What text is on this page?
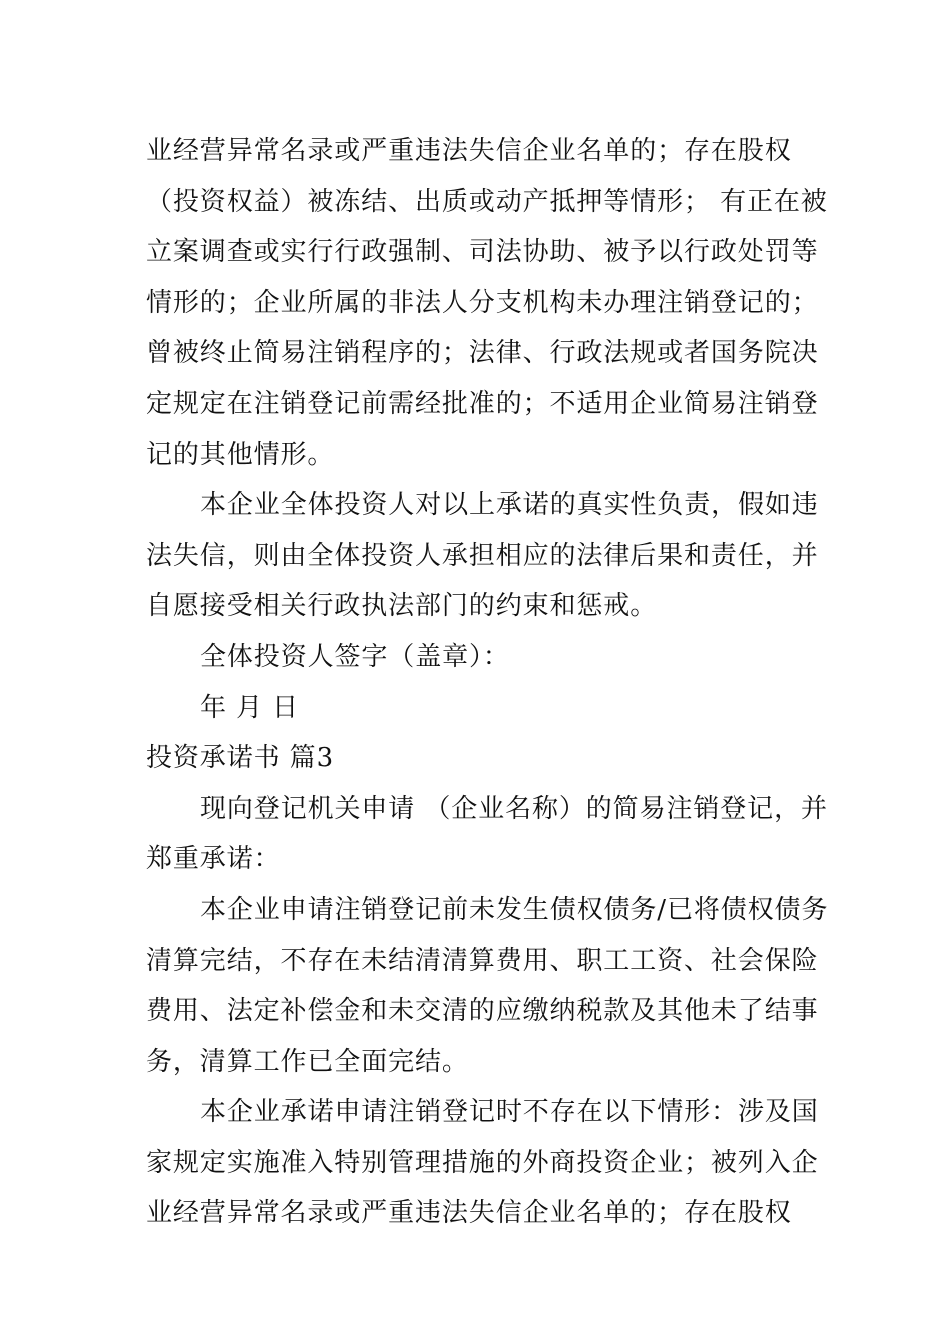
业经营异常名录或严重违法失信企业名单的；存在股权
（投资权益）被冻结、出质或动产抵押等情形； 有正在被
立案调查或实行行政强制、司法协助、被予以行政处罚等
情形的；企业所属的非法人分支机构未办理注销登记的；
曾被终止简易注销程序的；法律、行政法规或者国务院决
定规定在注销登记前需经批准的；不适用企业简易注销登
记的其他情形。
本企业全体投资人对以上承诺的真实性负责，假如违
法失信，则由全体投资人承担相应的法律后果和责任，并
自愿接受相关行政执法部门的约束和惩戒。
全体投资人签字（盖章）：
年 月 日
投资承诺书 篇3
现向登记机关申请 （企业名称）的简易注销登记，并
郑重承诺：
本企业申请注销登记前未发生债权债务/已将债权债务
清算完结，不存在未结清清算费用、职工工资、社会保险
费用、法定补偿金和未交清的应缴纳税款及其他未了结事
务，清算工作已全面完结。
本企业承诺申请注销登记时不存在以下情形：涉及国
家规定实施准入特别管理措施的外商投资企业；被列入企
业经营异常名录或严重违法失信企业名单的；存在股权
